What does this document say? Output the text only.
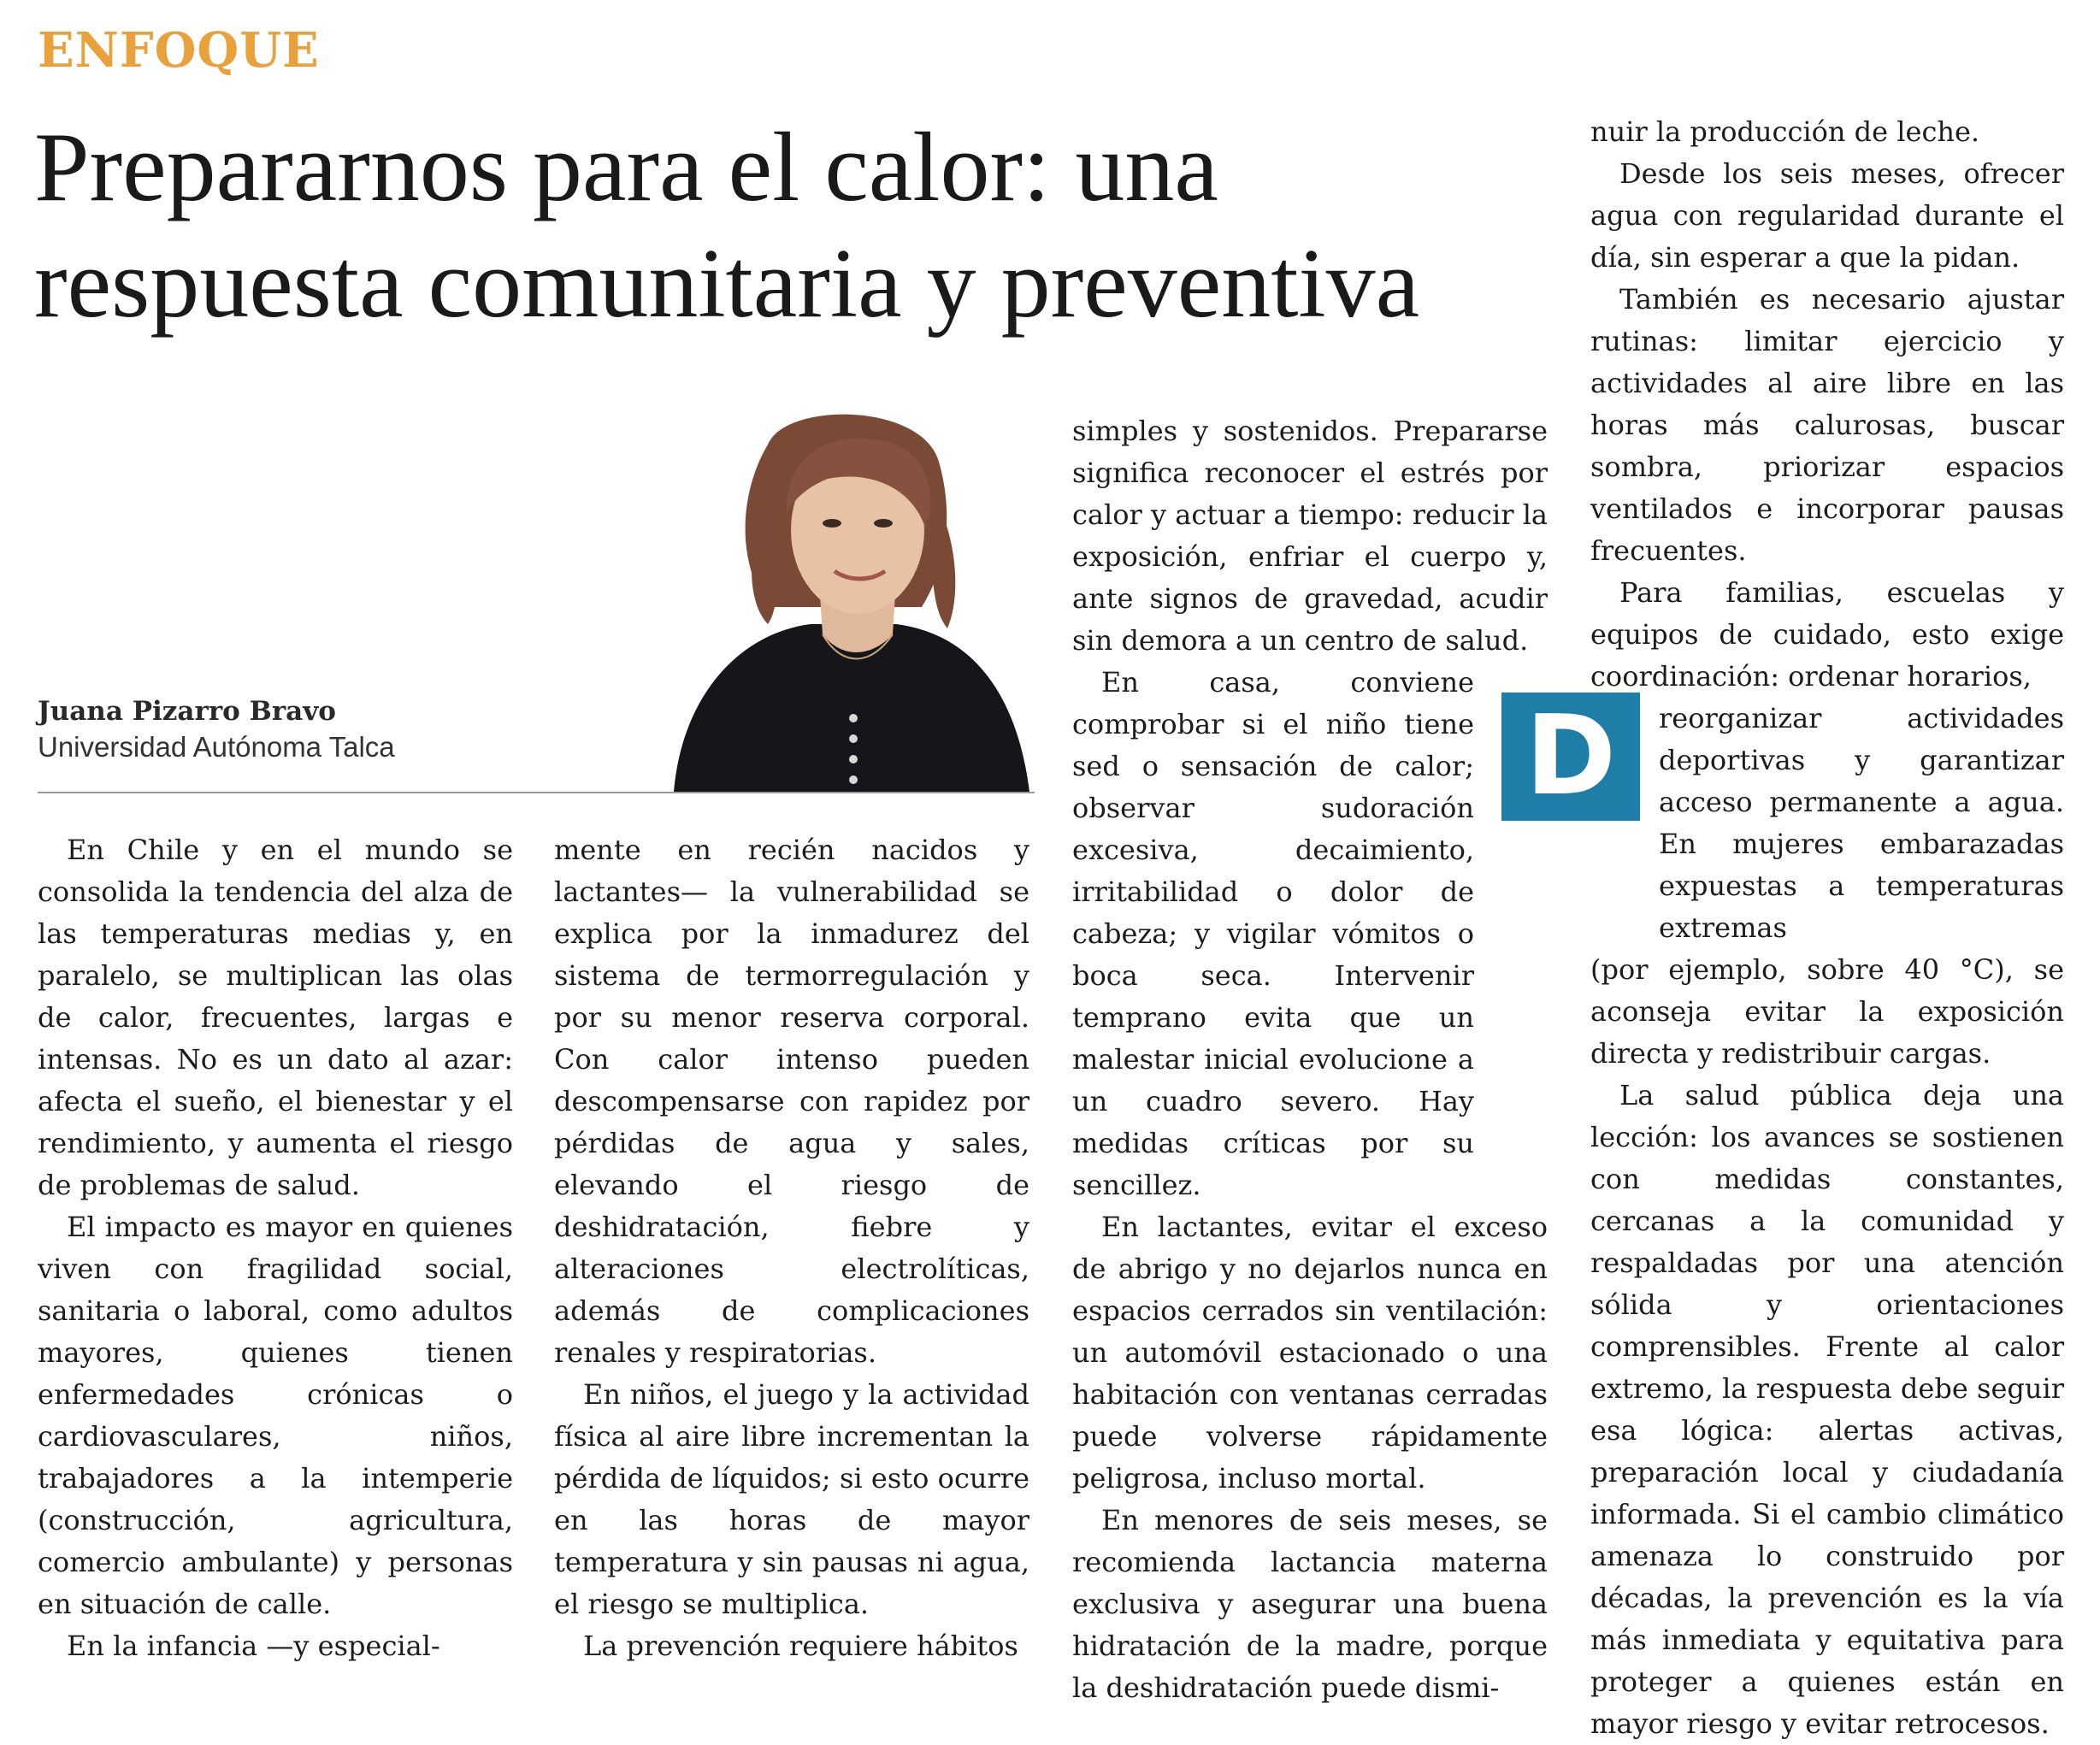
ENFOQUE
Prepararnos para el calor: una respuesta comunitaria y preventiva
Juana Pizarro Bravo
Universidad Autónoma Talca

En Chile y en el mundo se consolida la tendencia del alza de las temperaturas medias y, en paralelo, se multiplican las olas de calor, frecuentes, largas e intensas. No es un dato al azar: afecta el sueño, el bienestar y el rendimiento, y aumenta el riesgo de problemas de salud.

El impacto es mayor en quienes viven con fragilidad social, sanitaria o laboral, como adultos mayores, quienes tienen enfermedades crónicas o cardiovasculares, niños, trabajadores a la intemperie (construcción, agricultura, comercio ambulante) y personas en situación de calle.

En la infancia —y especial-

mente en recién nacidos y lactantes— la vulnerabilidad se explica por la inmadurez del sistema de termorregulación y por su menor reserva corporal. Con calor intenso pueden descompensarse con rapidez por pérdidas de agua y sales, elevando el riesgo de deshidratación, fiebre y alteraciones electrolíticas, además de complicaciones renales y respiratorias.

En niños, el juego y la actividad física al aire libre incrementan la pérdida de líquidos; si esto ocurre en las horas de mayor temperatura y sin pausas ni agua, el riesgo se multiplica.

La prevención requiere hábitos

simples y sostenidos. Prepararse significa reconocer el estrés por calor y actuar a tiempo: reducir la exposición, enfriar el cuerpo y, ante signos de gravedad, acudir sin demora a un centro de salud.

En casa, conviene comprobar si el niño tiene sed o sensación de calor; observar sudoración excesiva, decaimiento, irritabilidad o dolor de cabeza; y vigilar vómitos o boca seca. Intervenir temprano evita que un malestar inicial evolucione a un cuadro severo. Hay medidas críticas por su sencillez.

En lactantes, evitar el exceso de abrigo y no dejarlos nunca en espacios cerrados sin ventilación: un automóvil estacionado o una habitación con ventanas cerradas puede volverse rápidamente peligrosa, incluso mortal.

En menores de seis meses, se recomienda lactancia materna exclusiva y asegurar una buena hidratación de la madre, porque la deshidratación puede dismi-

nuir la producción de leche.

Desde los seis meses, ofrecer agua con regularidad durante el día, sin esperar a que la pidan.

También es necesario ajustar rutinas: limitar ejercicio y actividades al aire libre en las horas más calurosas, buscar sombra, priorizar espacios ventilados e incorporar pausas frecuentes.

Para familias, escuelas y equipos de cuidado, esto exige coordinación: ordenar horarios,

reorganizar actividades deportivas y garantizar acceso permanente a agua. En mujeres embarazadas expuestas a temperaturas extremas

(por ejemplo, sobre 40 °C), se aconseja evitar la exposición directa y redistribuir cargas.

La salud pública deja una lección: los avances se sostienen con medidas constantes, cercanas a la comunidad y respaldadas por una atención sólida y orientaciones comprensibles. Frente al calor extremo, la respuesta debe seguir esa lógica: alertas activas, preparación local y ciudadanía informada. Si el cambio climático amenaza lo construido por décadas, la prevención es la vía más inmediata y equitativa para proteger a quienes están en mayor riesgo y evitar retrocesos.

D
